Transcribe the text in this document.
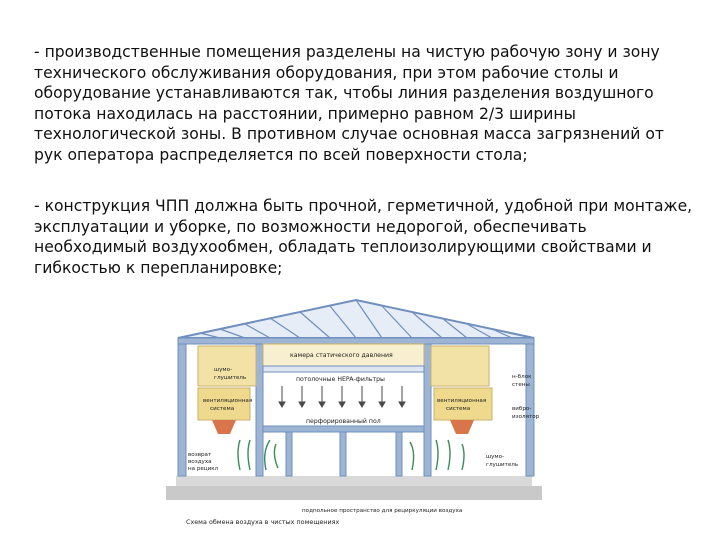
- производственные помещения разделены на чистую рабочую зону и зону технического обслуживания оборудования, при этом рабочие столы и оборудование устанавливаются так, чтобы линия разделения воздушного потока находилась на расстоянии, примерно равном 2/3 ширины технологической зоны. В противном случае основная масса загрязнений от рук оператора распределяется по всей поверхности стола;

- конструкция ЧПП должна быть прочной, герметичной, удобной при монтаже, эксплуатации и уборке, по возможности недорогой, обеспечивать необходимый воздухообмен, обладать теплоизолирующими свойствами и гибкостью к перепланировке;

камера статического давления
потолочные HEPA-фильтры
перфорированный пол
шумо-
глушитель
вентиляционная
система
возврат
воздуха
на рецикл
вентиляционная
система
н-блок
стены
вибро-
изолятор
шумо-
глушитель
подпольное пространство для рециркуляции воздуха
Схема обмена воздуха в чистых помещениях
